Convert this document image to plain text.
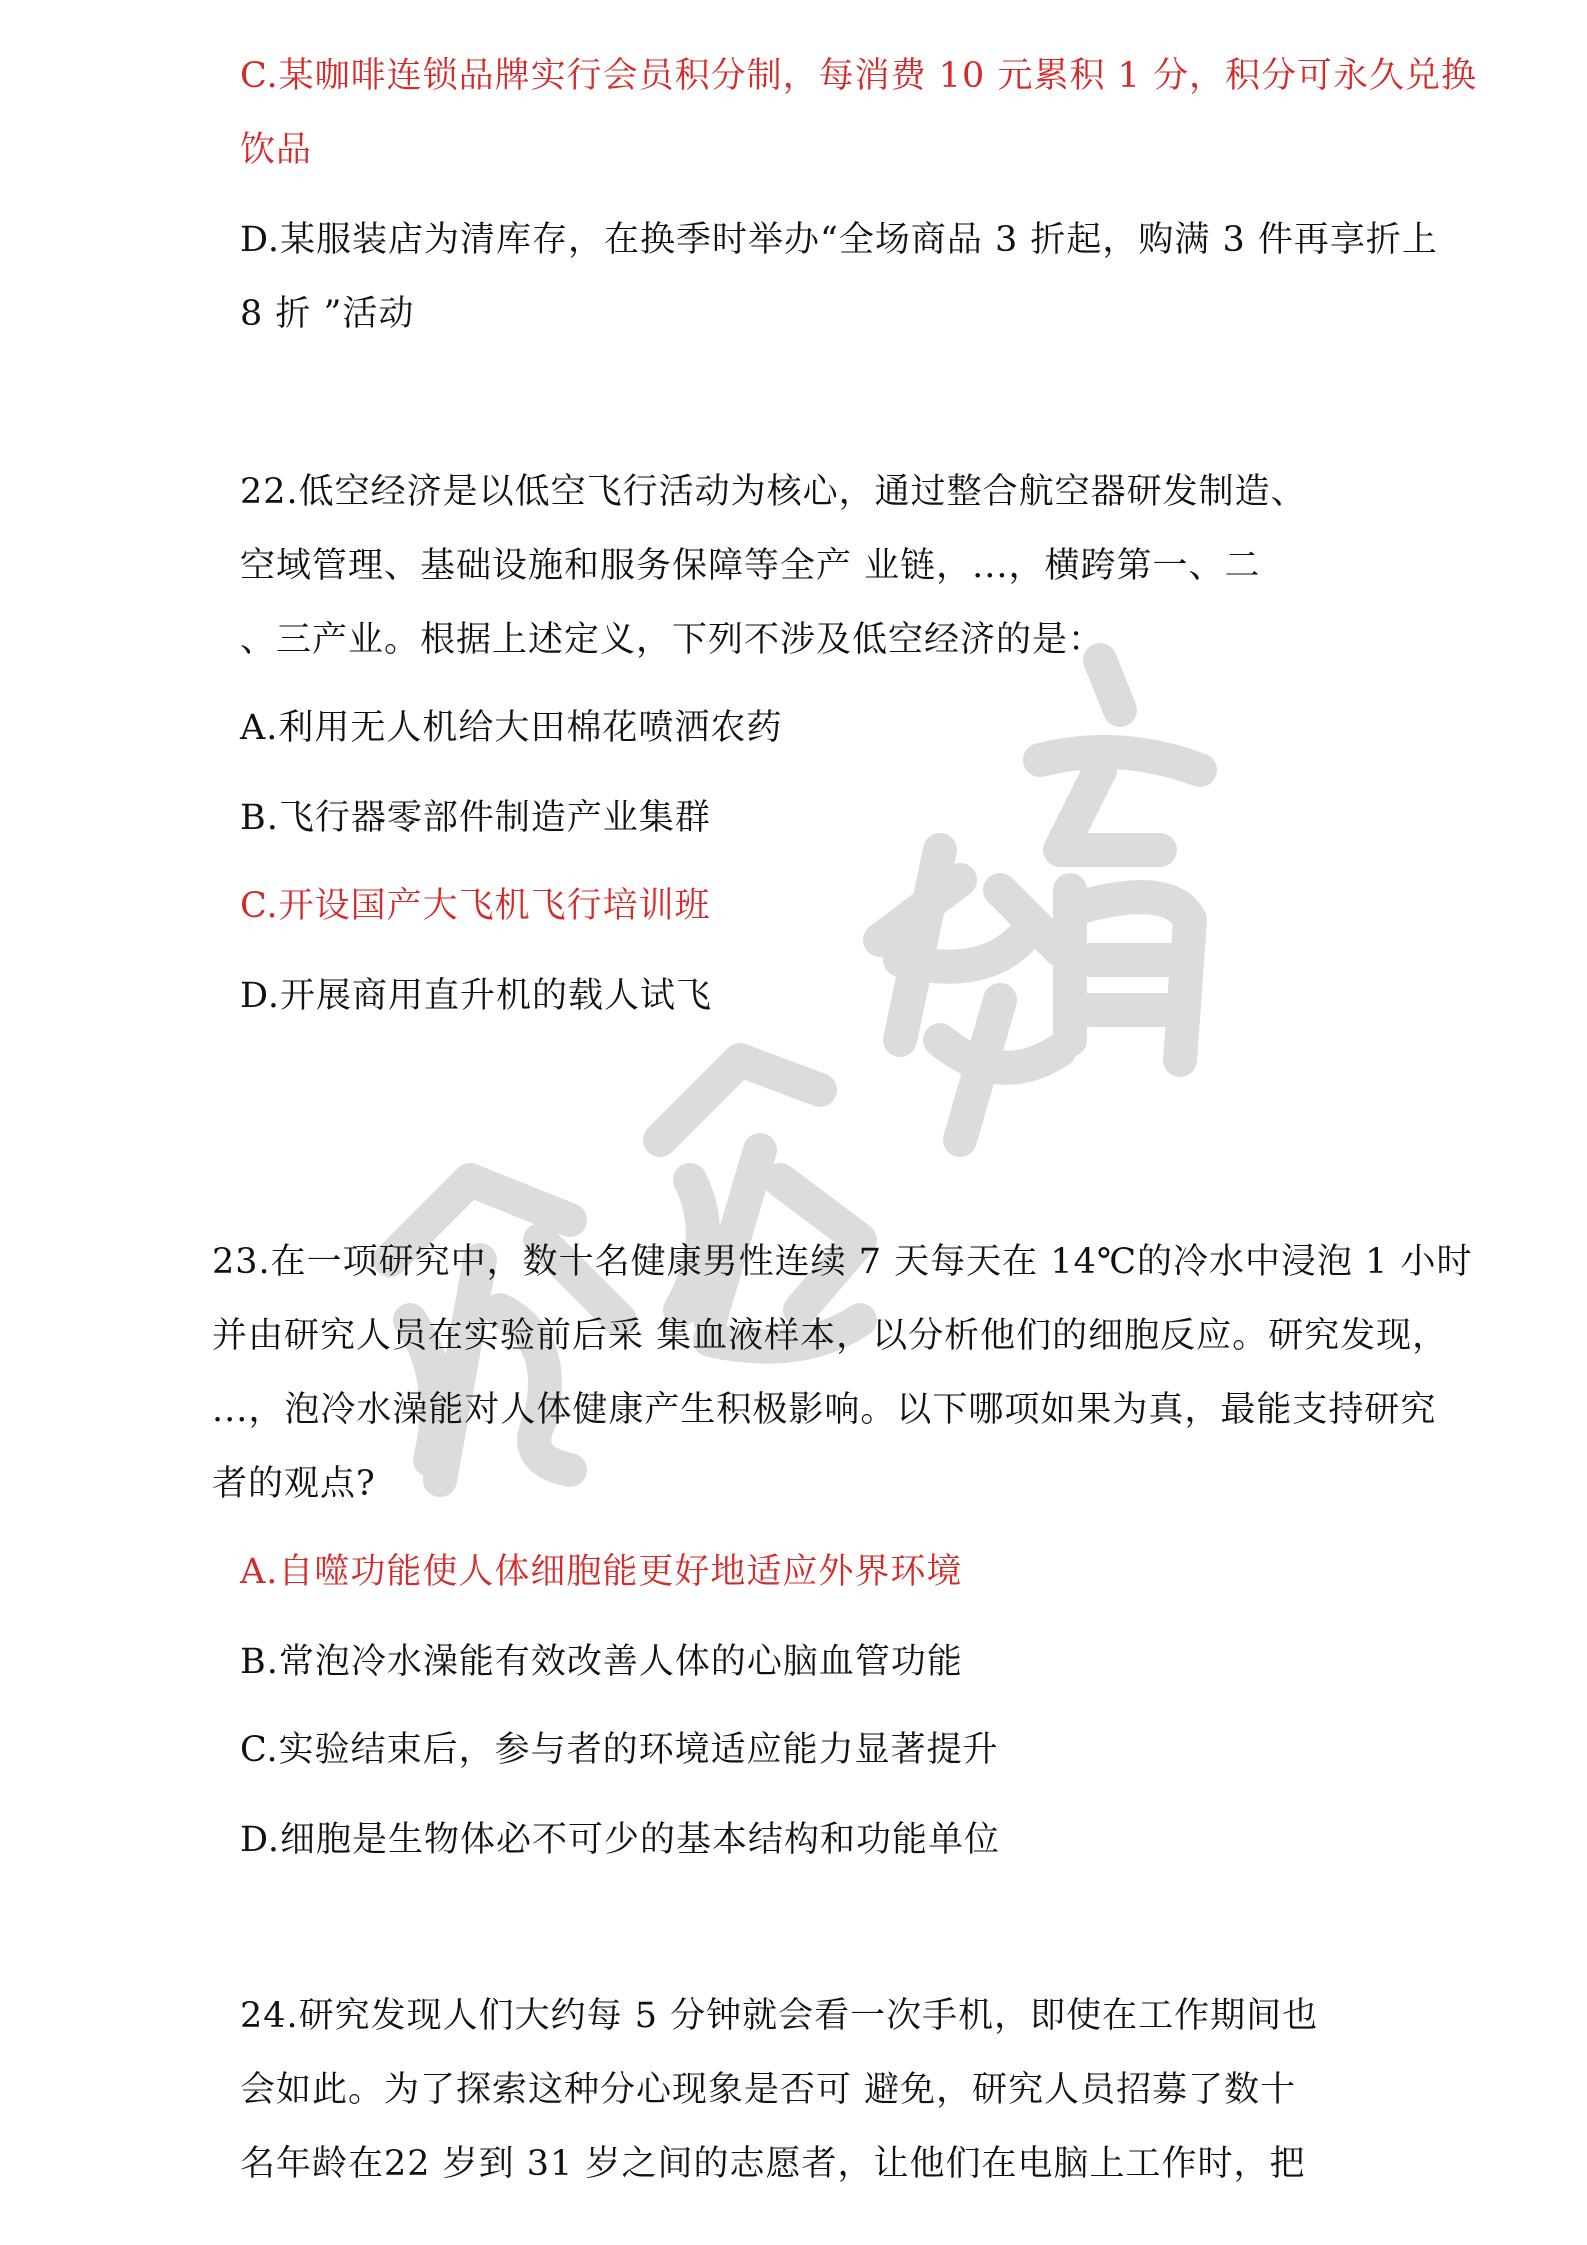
C.某咖啡连锁品牌实行会员积分制，每消费 10 元累积 1 分，积分可永久兑换
饮品
D.某服装店为清库存，在换季时举办“全场商品 3 折起，购满 3 件再享折上
8 折 ”活动
22.低空经济是以低空飞行活动为核心，通过整合航空器研发制造、
空域管理、基础设施和服务保障等全产 业链，...，横跨第一、二
、三产业。根据上述定义，下列不涉及低空经济的是：
A.利用无人机给大田棉花喷洒农药
B.飞行器零部件制造产业集群
C.开设国产大飞机飞行培训班
D.开展商用直升机的载人试飞
23.在一项研究中，数十名健康男性连续 7 天每天在 14℃的冷水中浸泡 1 小时
并由研究人员在实验前后采 集血液样本，以分析他们的细胞反应。研究发现，
...，泡冷水澡能对人体健康产生积极影响。以下哪项如果为真，最能支持研究
者的观点?
A.自噬功能使人体细胞能更好地适应外界环境
B.常泡冷水澡能有效改善人体的心脑血管功能
C.实验结束后，参与者的环境适应能力显著提升
D.细胞是生物体必不可少的基本结构和功能单位
24.研究发现人们大约每 5 分钟就会看一次手机，即使在工作期间也
会如此。为了探索这种分心现象是否可 避免，研究人员招募了数十
名年龄在22 岁到 31 岁之间的志愿者，让他们在电脑上工作时，把
